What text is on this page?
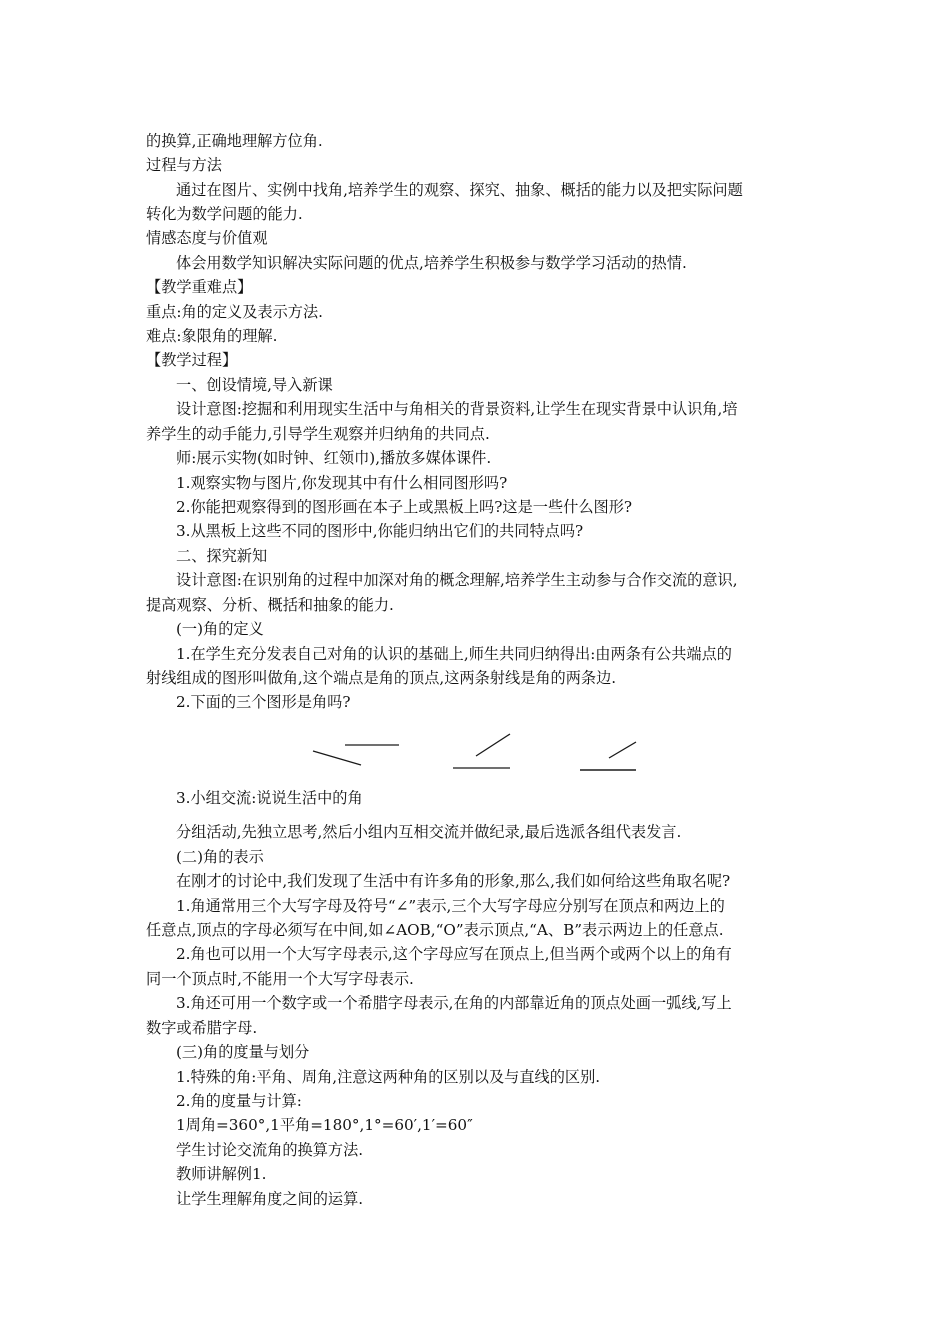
的换算,正确地理解方位角.
过程与方法
通过在图片、实例中找角,培养学生的观察、探究、抽象、概括的能力以及把实际问题
转化为数学问题的能力.
情感态度与价值观
体会用数学知识解决实际问题的优点,培养学生积极参与数学学习活动的热情.
【教学重难点】
重点:角的定义及表示方法.
难点:象限角的理解.
【教学过程】
一、创设情境,导入新课
设计意图:挖掘和利用现实生活中与角相关的背景资料,让学生在现实背景中认识角,培
养学生的动手能力,引导学生观察并归纳角的共同点.
师:展示实物(如时钟、红领巾),播放多媒体课件.
1.观察实物与图片,你发现其中有什么相同图形吗?
2.你能把观察得到的图形画在本子上或黑板上吗?这是一些什么图形?
3.从黑板上这些不同的图形中,你能归纳出它们的共同特点吗?
二、探究新知
设计意图:在识别角的过程中加深对角的概念理解,培养学生主动参与合作交流的意识,
提高观察、分析、概括和抽象的能力.
(一)角的定义
1.在学生充分发表自己对角的认识的基础上,师生共同归纳得出:由两条有公共端点的
射线组成的图形叫做角,这个端点是角的顶点,这两条射线是角的两条边.
2.下面的三个图形是角吗?
3.小组交流:说说生活中的角
分组活动,先独立思考,然后小组内互相交流并做纪录,最后选派各组代表发言.
(二)角的表示
在刚才的讨论中,我们发现了生活中有许多角的形象,那么,我们如何给这些角取名呢?
1.角通常用三个大写字母及符号“∠”表示,三个大写字母应分别写在顶点和两边上的
任意点,顶点的字母必须写在中间,如∠AOB,“O”表示顶点,“A、B”表示两边上的任意点.
2.角也可以用一个大写字母表示,这个字母应写在顶点上,但当两个或两个以上的角有
同一个顶点时,不能用一个大写字母表示.
3.角还可用一个数字或一个希腊字母表示,在角的内部靠近角的顶点处画一弧线,写上
数字或希腊字母.
(三)角的度量与划分
1.特殊的角:平角、周角,注意这两种角的区别以及与直线的区别.
2.角的度量与计算:
1周角=360°,1平角=180°,1°=60′,1′=60″
学生讨论交流角的换算方法.
教师讲解例1.
让学生理解角度之间的运算.
